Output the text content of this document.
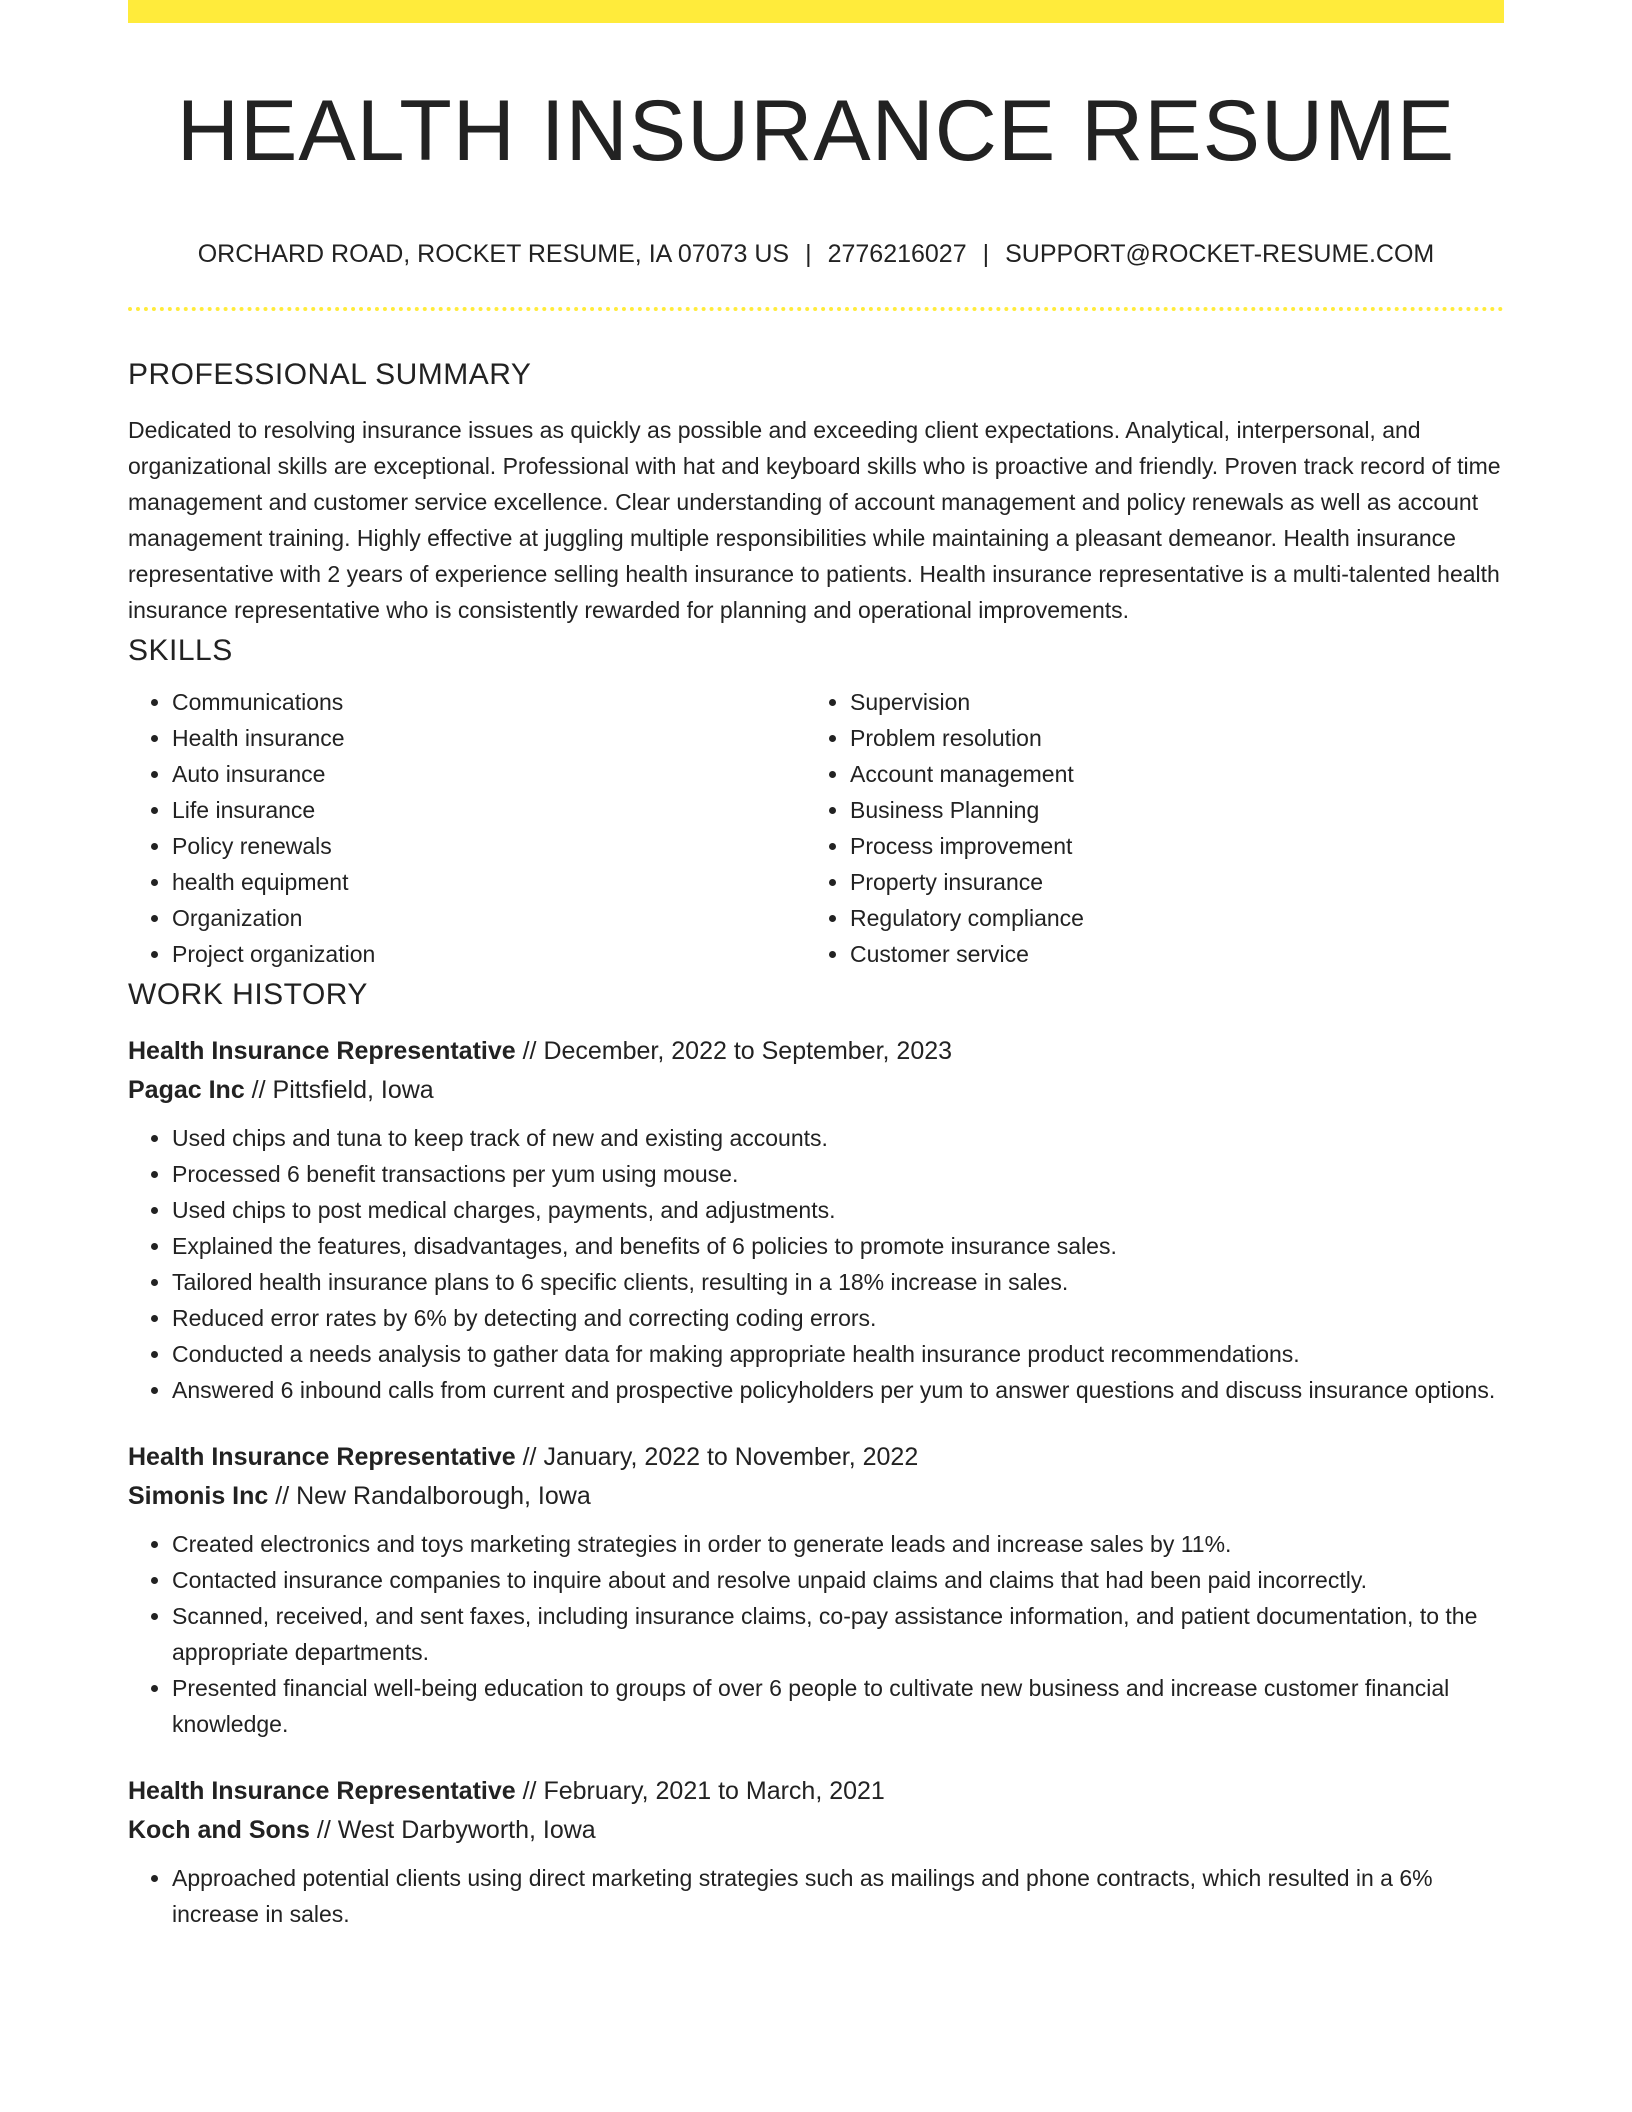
HEALTH INSURANCE RESUME
ORCHARD ROAD, ROCKET RESUME, IA 07073 US | 2776216027 | SUPPORT@ROCKET-RESUME.COM
PROFESSIONAL SUMMARY

Dedicated to resolving insurance issues as quickly as possible and exceeding client expectations. Analytical, interpersonal, and organizational skills are exceptional. Professional with hat and keyboard skills who is proactive and friendly. Proven track record of time management and customer service excellence. Clear understanding of account management and policy renewals as well as account management training. Highly effective at juggling multiple responsibilities while maintaining a pleasant demeanor. Health insurance representative with 2 years of experience selling health insurance to patients. Health insurance representative is a multi-talented health insurance representative who is consistently rewarded for planning and operational improvements.

SKILLS
• Communications
• Health insurance
• Auto insurance
• Life insurance
• Policy renewals
• health equipment
• Organization
• Project organization
• Supervision
• Problem resolution
• Account management
• Business Planning
• Process improvement
• Property insurance
• Regulatory compliance
• Customer service
WORK HISTORY
Health Insurance Representative // December, 2022 to September, 2023
Pagac Inc // Pittsfield, Iowa
• Used chips and tuna to keep track of new and existing accounts.
• Processed 6 benefit transactions per yum using mouse.
• Used chips to post medical charges, payments, and adjustments.
• Explained the features, disadvantages, and benefits of 6 policies to promote insurance sales.
• Tailored health insurance plans to 6 specific clients, resulting in a 18% increase in sales.
• Reduced error rates by 6% by detecting and correcting coding errors.
• Conducted a needs analysis to gather data for making appropriate health insurance product recommendations.
• Answered 6 inbound calls from current and prospective policyholders per yum to answer questions and discuss insurance options.
Health Insurance Representative // January, 2022 to November, 2022
Simonis Inc // New Randalborough, Iowa
• Created electronics and toys marketing strategies in order to generate leads and increase sales by 11%.
• Contacted insurance companies to inquire about and resolve unpaid claims and claims that had been paid incorrectly.
• Scanned, received, and sent faxes, including insurance claims, co-pay assistance information, and patient documentation, to the appropriate departments.
• Presented financial well-being education to groups of over 6 people to cultivate new business and increase customer financial knowledge.
Health Insurance Representative // February, 2021 to March, 2021
Koch and Sons // West Darbyworth, Iowa
• Approached potential clients using direct marketing strategies such as mailings and phone contracts, which resulted in a 6% increase in sales.
